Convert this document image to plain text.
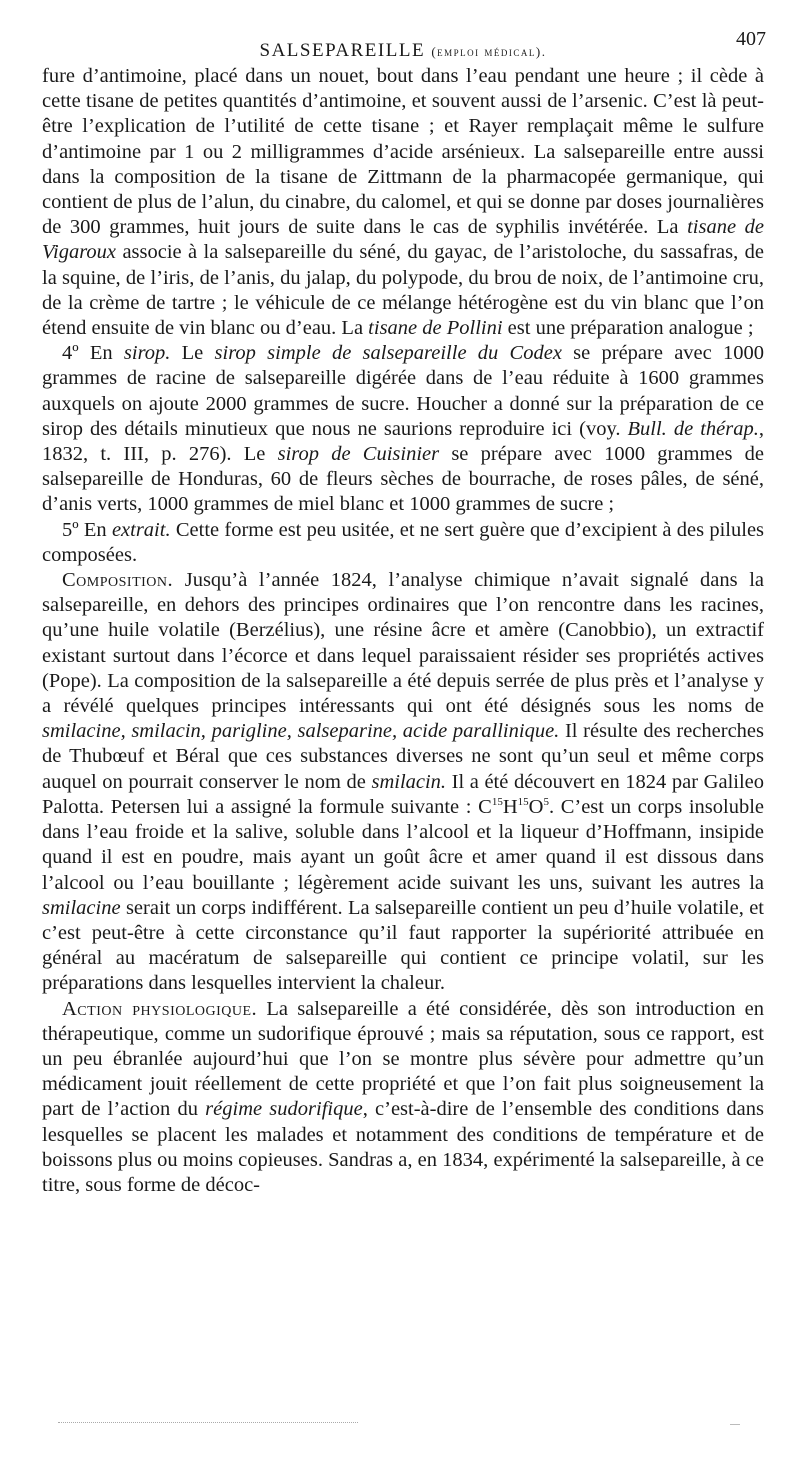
SALSEPAREILLE (emploi médical).
407

fure d’antimoine, placé dans un nouet, bout dans l’eau pendant une heure ; il cède à cette tisane de petites quantités d’antimoine, et souvent aussi de l’arsenic. C’est là peut-être l’explication de l’utilité de cette tisane ; et Rayer remplaçait même le sulfure d’antimoine par 1 ou 2 milligrammes d’acide arsénieux. La salsepareille entre aussi dans la composition de la tisane de Zittmann de la pharmacopée germanique, qui contient de plus de l’alun, du cinabre, du calomel, et qui se donne par doses journalières de 300 grammes, huit jours de suite dans le cas de syphilis invétérée. La tisane de Vigaroux associe à la salsepareille du séné, du gayac, de l’aristoloche, du sassafras, de la squine, de l’iris, de l’anis, du jalap, du polypode, du brou de noix, de l’antimoine cru, de la crème de tartre ; le véhicule de ce mélange hétérogène est du vin blanc que l’on étend ensuite de vin blanc ou d’eau. La tisane de Pollini est une préparation analogue ;

4º En sirop. Le sirop simple de salsepareille du Codex se prépare avec 1000 grammes de racine de salsepareille digérée dans de l’eau réduite à 1600 grammes auxquels on ajoute 2000 grammes de sucre. Houcher a donné sur la préparation de ce sirop des détails minutieux que nous ne saurions reproduire ici (voy. Bull. de thérap., 1832, t. III, p. 276). Le sirop de Cuisinier se prépare avec 1000 grammes de salsepareille de Honduras, 60 de fleurs sèches de bourrache, de roses pâles, de séné, d’anis verts, 1000 grammes de miel blanc et 1000 grammes de sucre ;

5º En extrait. Cette forme est peu usitée, et ne sert guère que d’excipient à des pilules composées.

Composition. Jusqu’à l’année 1824, l’analyse chimique n’avait signalé dans la salsepareille, en dehors des principes ordinaires que l’on rencontre dans les racines, qu’une huile volatile (Berzélius), une résine âcre et amère (Canobbio), un extractif existant surtout dans l’écorce et dans lequel paraissaient résider ses propriétés actives (Pope). La composition de la salsepareille a été depuis serrée de plus près et l’analyse y a révélé quelques principes intéressants qui ont été désignés sous les noms de smilacine, smilacin, parigline, salseparine, acide parallinique. Il résulte des recherches de Thubœuf et Béral que ces substances diverses ne sont qu’un seul et même corps auquel on pourrait conserver le nom de smilacin. Il a été découvert en 1824 par Galileo Palotta. Petersen lui a assigné la formule suivante : $C^{15}H^{15}O^5$. C’est un corps insoluble dans l’eau froide et la salive, soluble dans l’alcool et la liqueur d’Hoffmann, insipide quand il est en poudre, mais ayant un goût âcre et amer quand il est dissous dans l’alcool ou l’eau bouillante ; légèrement acide suivant les uns, suivant les autres la smilacine serait un corps indifférent. La salsepareille contient un peu d’huile volatile, et c’est peut-être à cette circonstance qu’il faut rapporter la supériorité attribuée en général au macératum de salsepareille qui contient ce principe volatil, sur les préparations dans lesquelles intervient la chaleur.

Action physiologique. La salsepareille a été considérée, dès son introduction en thérapeutique, comme un sudorifique éprouvé ; mais sa réputation, sous ce rapport, est un peu ébranlée aujourd’hui que l’on se montre plus sévère pour admettre qu’un médicament jouit réellement de cette propriété et que l’on fait plus soigneusement la part de l’action du régime sudorifique, c’est-à-dire de l’ensemble des conditions dans lesquelles se placent les malades et notamment des conditions de température et de boissons plus ou moins copieuses. Sandras a, en 1834, expérimenté la salsepareille, à ce titre, sous forme de décoc-
